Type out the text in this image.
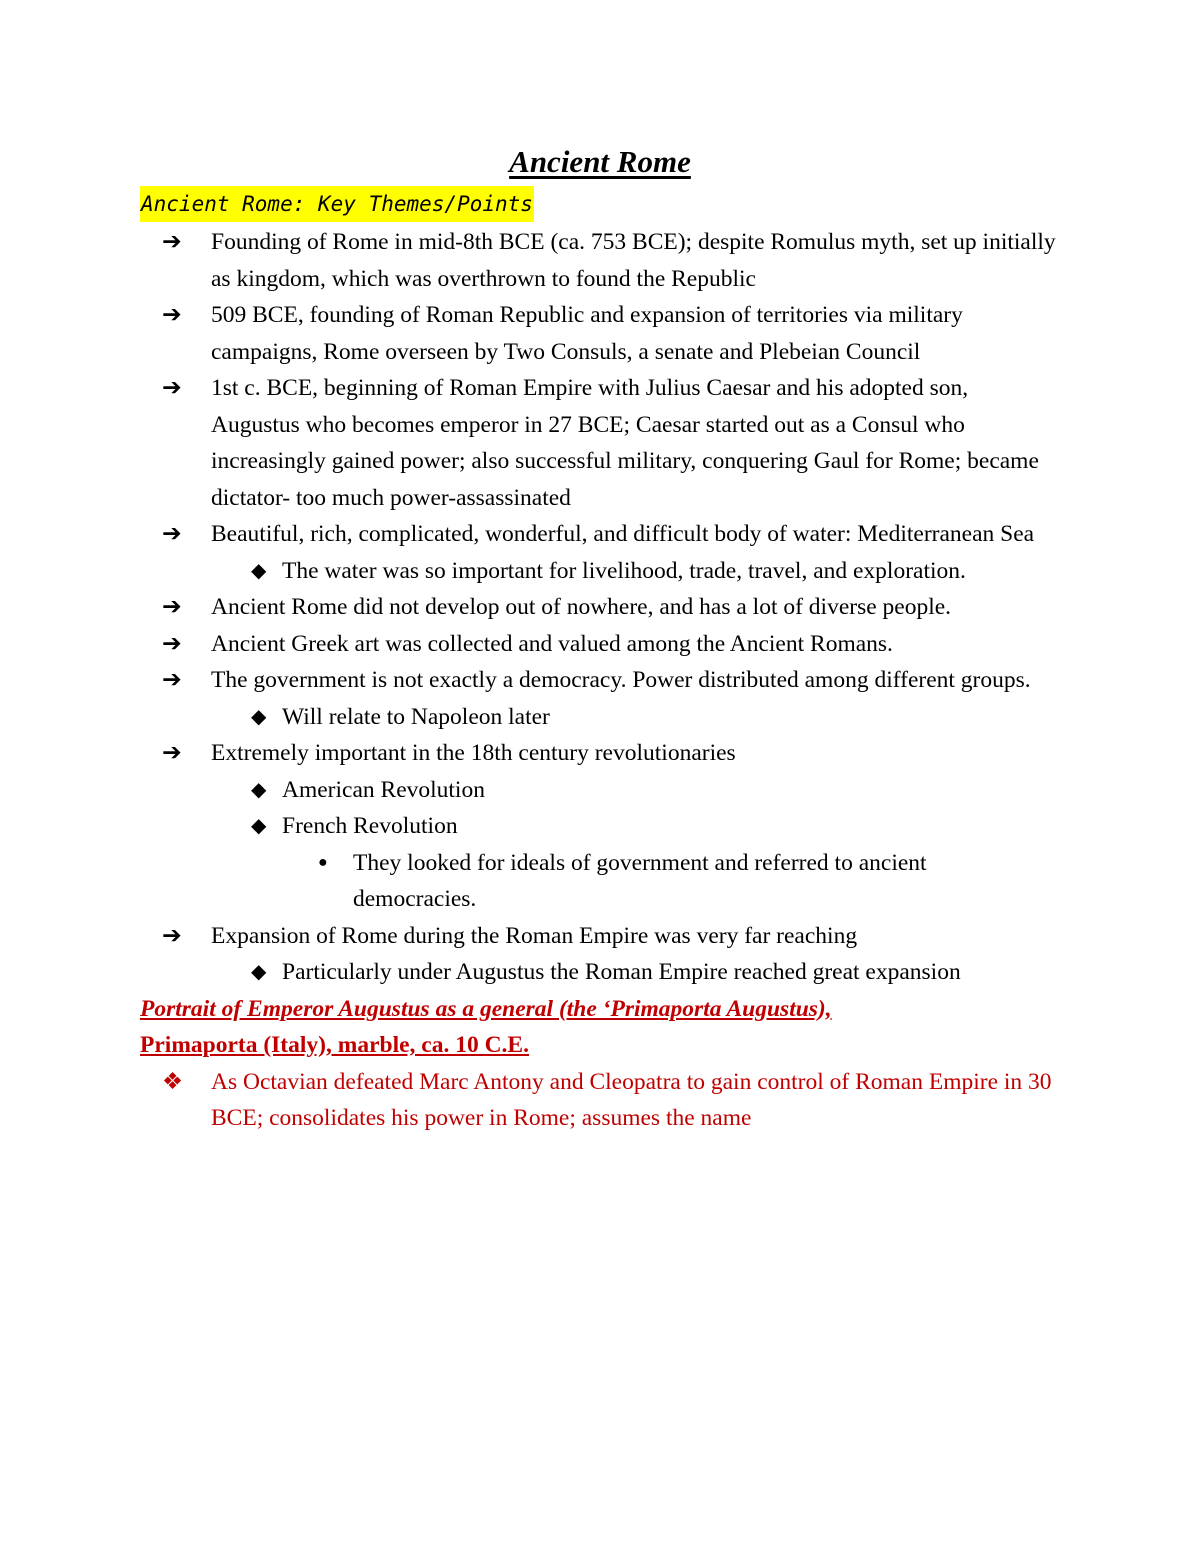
Ancient Rome
Ancient Rome: Key Themes/Points
➔ Founding of Rome in mid-8th BCE (ca. 753 BCE); despite Romulus myth, set up initially as kingdom, which was overthrown to found the Republic
➔ 509 BCE, founding of Roman Republic and expansion of territories via military campaigns, Rome overseen by Two Consuls, a senate and Plebeian Council
➔ 1st c. BCE, beginning of Roman Empire with Julius Caesar and his adopted son, Augustus who becomes emperor in 27 BCE; Caesar started out as a Consul who increasingly gained power; also successful military, conquering Gaul for Rome; became dictator- too much power-assassinated
➔ Beautiful, rich, complicated, wonderful, and difficult body of water: Mediterranean Sea
◆ The water was so important for livelihood, trade, travel, and exploration.
➔ Ancient Rome did not develop out of nowhere, and has a lot of diverse people.
➔ Ancient Greek art was collected and valued among the Ancient Romans.
➔ The government is not exactly a democracy. Power distributed among different groups.
◆ Will relate to Napoleon later
➔ Extremely important in the 18th century revolutionaries
◆ American Revolution
◆ French Revolution
● They looked for ideals of government and referred to ancient democracies.
➔ Expansion of Rome during the Roman Empire was very far reaching
◆ Particularly under Augustus the Roman Empire reached great expansion
Portrait of Emperor Augustus as a general (the ‘Primaporta Augustus),
Primaporta (Italy), marble, ca. 10 C.E.
❖ As Octavian defeated Marc Antony and Cleopatra to gain control of Roman Empire in 30 BCE; consolidates his power in Rome; assumes the name
